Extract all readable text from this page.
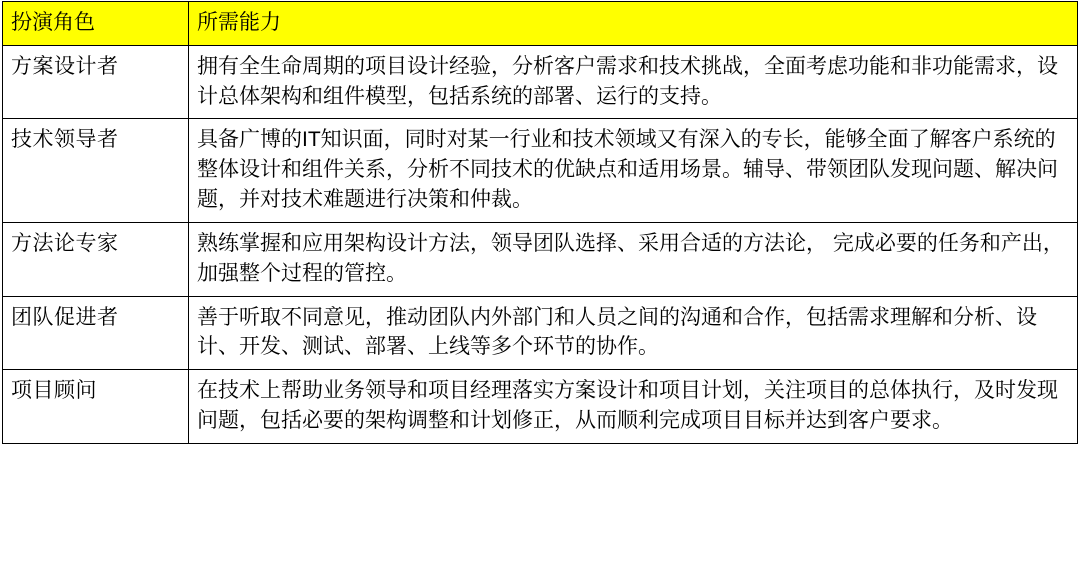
扮演角色	所需能力
方案设计者	拥有全生命周期的项目设计经验，分析客户需求和技术挑战，全面考虑功能和非功能需求，设计总体架构和组件模型，包括系统的部署、运行的支持。
技术领导者	具备广博的IT知识面，同时对某一行业和技术领域又有深入的专长，能够全面了解客户系统的整体设计和组件关系，分析不同技术的优缺点和适用场景。辅导、带领团队发现问题、解决问题，并对技术难题进行决策和仲裁。
方法论专家	熟练掌握和应用架构设计方法，领导团队选择、采用合适的方法论， 完成必要的任务和产出，加强整个过程的管控。
团队促进者	善于听取不同意见，推动团队内外部门和人员之间的沟通和合作，包括需求理解和分析、设计、开发、测试、部署、上线等多个环节的协作。
项目顾问	在技术上帮助业务领导和项目经理落实方案设计和项目计划，关注项目的总体执行，及时发现问题，包括必要的架构调整和计划修正，从而顺利完成项目目标并达到客户要求。
